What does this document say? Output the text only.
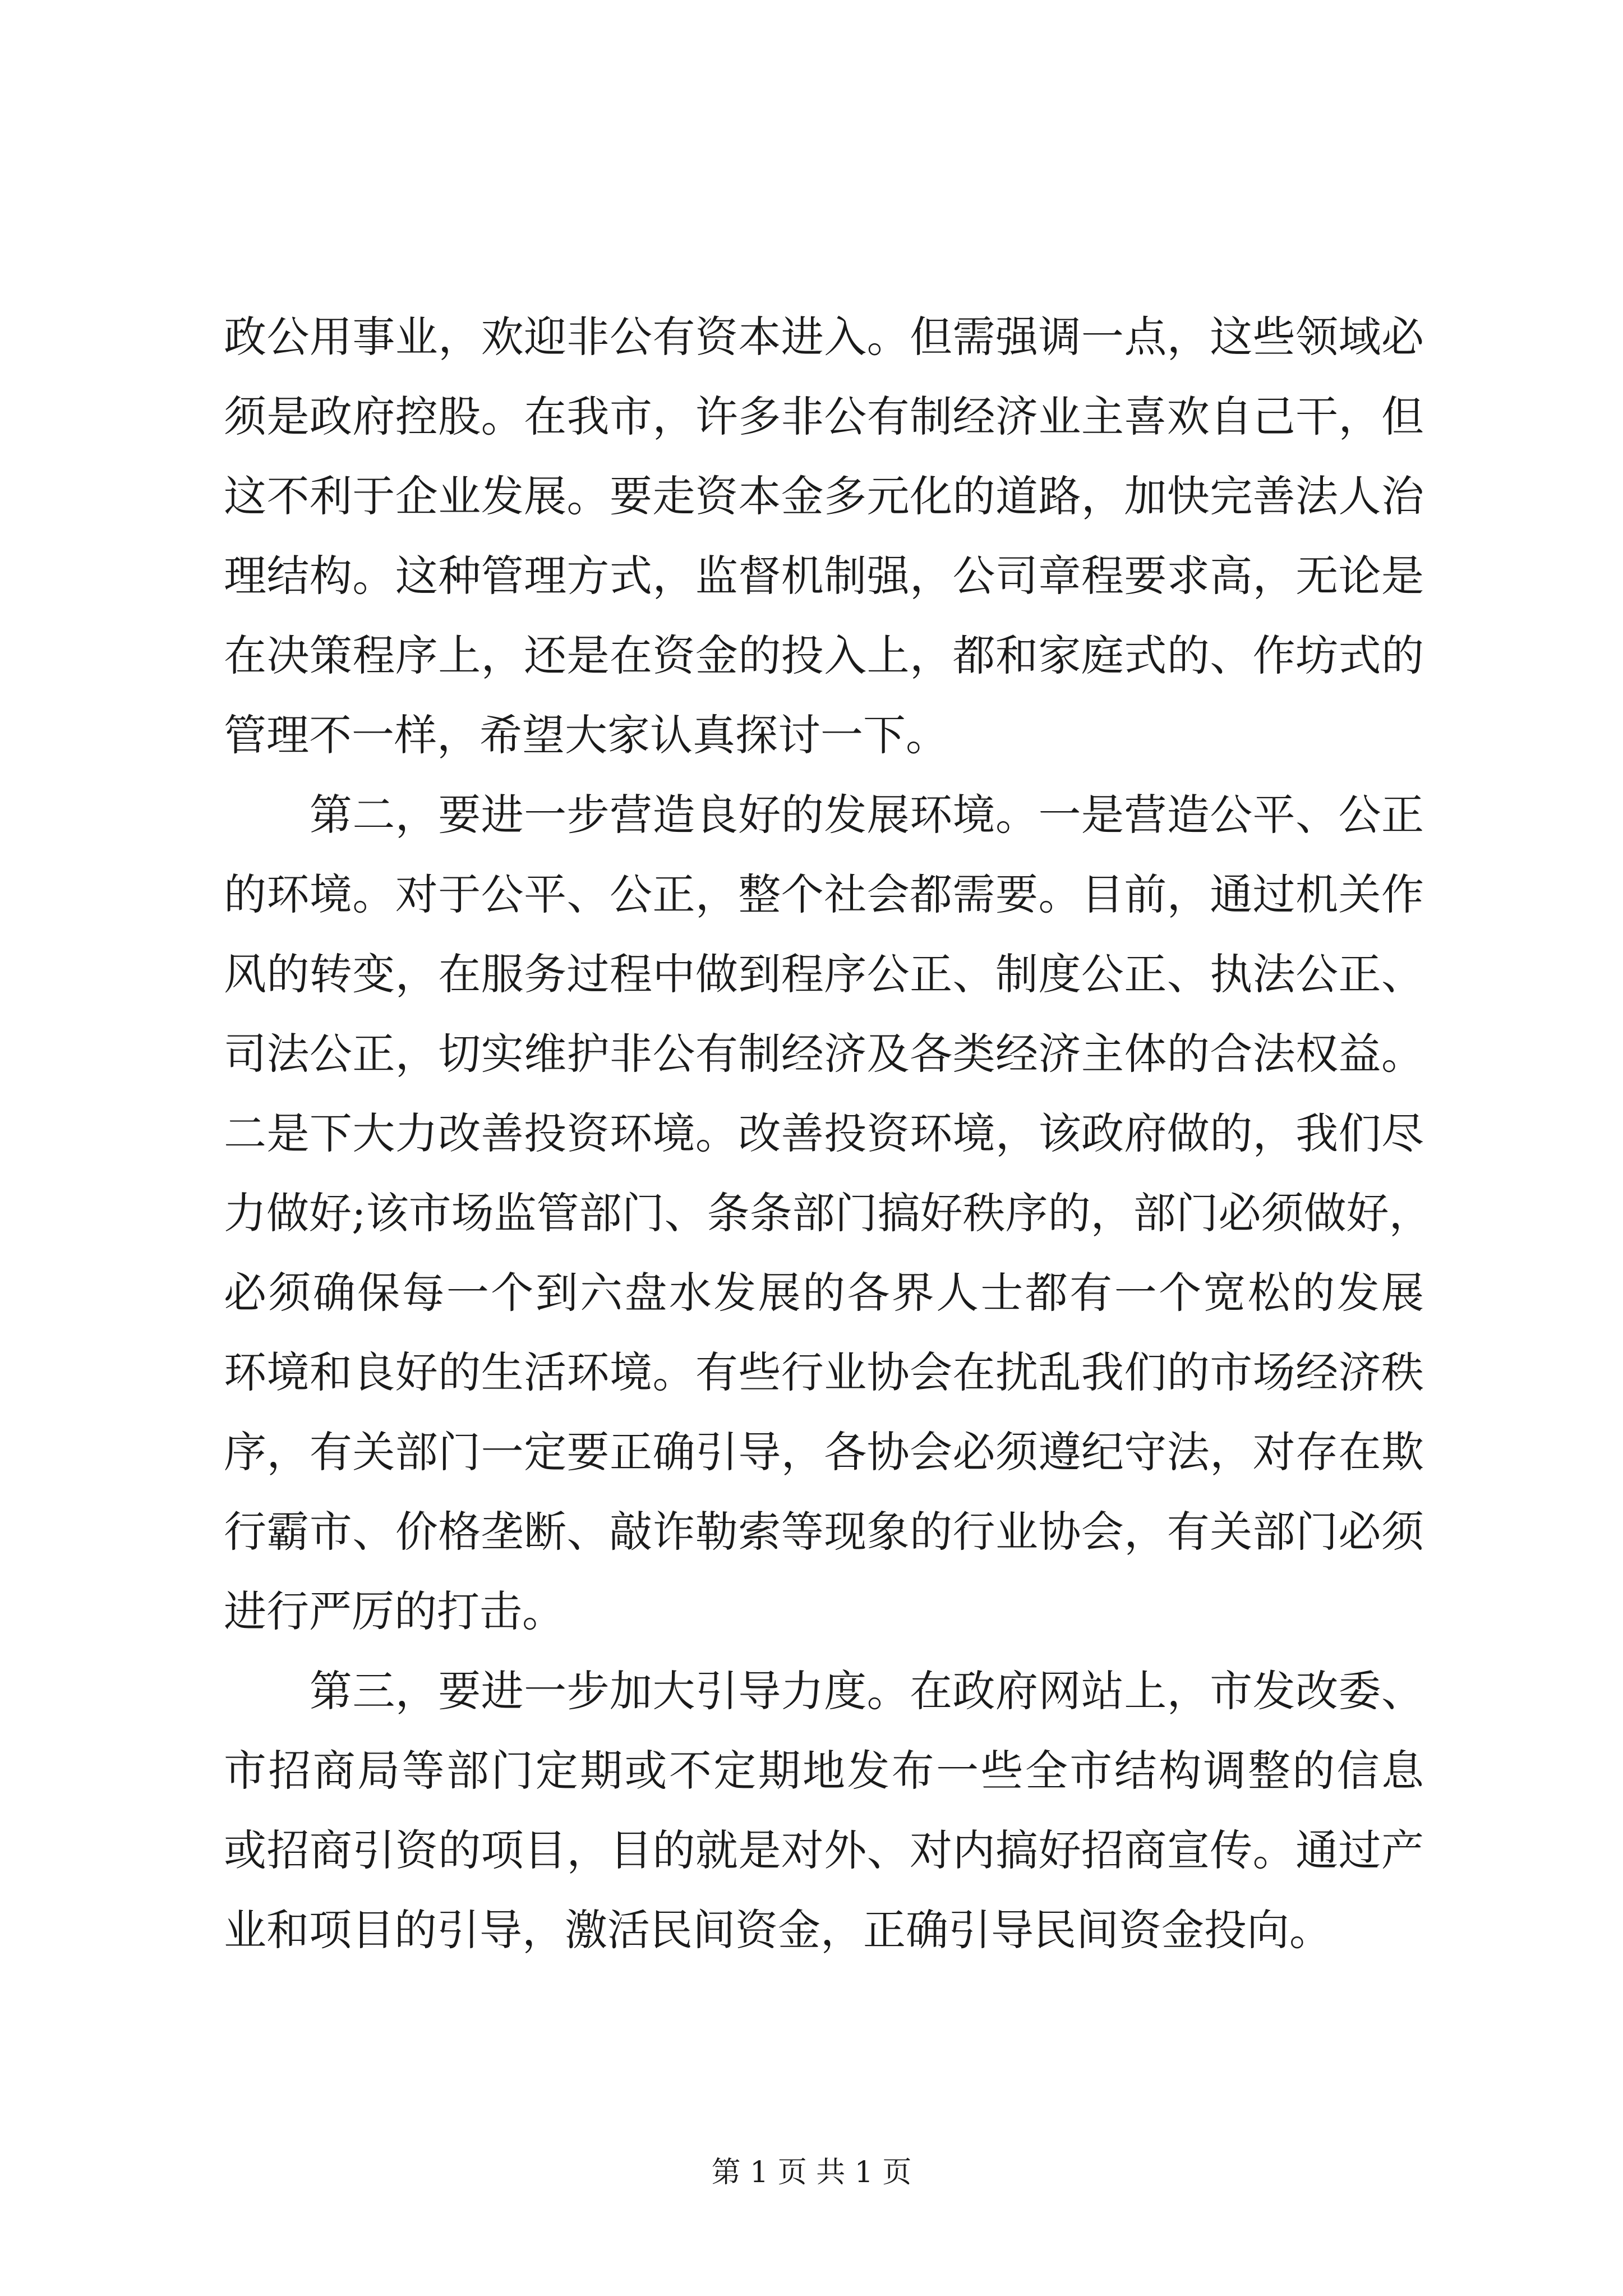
政公用事业，欢迎非公有资本进入。但需强调一点，这些领域必
须是政府控股。在我市，许多非公有制经济业主喜欢自己干，但
这不利于企业发展。要走资本金多元化的道路，加快完善法人治
理结构。这种管理方式，监督机制强，公司章程要求高，无论是
在决策程序上，还是在资金的投入上，都和家庭式的、作坊式的
管理不一样，希望大家认真探讨一下。
　　第二，要进一步营造良好的发展环境。一是营造公平、公正
的环境。对于公平、公正，整个社会都需要。目前，通过机关作
风的转变，在服务过程中做到程序公正、制度公正、执法公正、
司法公正，切实维护非公有制经济及各类经济主体的合法权益。
二是下大力改善投资环境。改善投资环境，该政府做的，我们尽
力做好;该市场监管部门、条条部门搞好秩序的，部门必须做好，
必须确保每一个到六盘水发展的各界人士都有一个宽松的发展
环境和良好的生活环境。有些行业协会在扰乱我们的市场经济秩
序，有关部门一定要正确引导，各协会必须遵纪守法，对存在欺
行霸市、价格垄断、敲诈勒索等现象的行业协会，有关部门必须
进行严厉的打击。
　　第三，要进一步加大引导力度。在政府网站上，市发改委、
市招商局等部门定期或不定期地发布一些全市结构调整的信息
或招商引资的项目，目的就是对外、对内搞好招商宣传。通过产
业和项目的引导，激活民间资金，正确引导民间资金投向。
第 1 页 共 1 页
